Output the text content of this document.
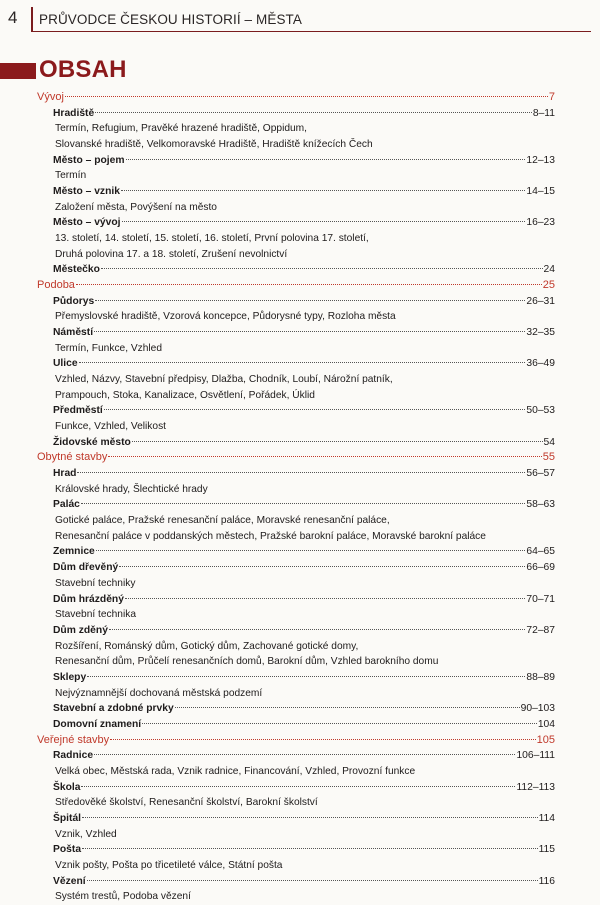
4 PRŮVODCE ČESKOU HISTORIÍ – MĚSTA
OBSAH
Vývoj	7
Hradiště	8–11
Termín, Refugium, Pravěké hrazené hradiště, Oppidum,
Slovanské hradiště, Velkomoravské Hradiště, Hradiště knížecích Čech
Město – pojem	12–13
Termín
Město – vznik	14–15
Založení města, Povýšení na město
Město – vývoj	16–23
13. století, 14. století, 15. století, 16. století, První polovina 17. století,
Druhá polovina 17. a 18. století, Zrušení nevolnictví
Městečko	24
Podoba	25
Půdorys	26–31
Přemyslovské hradiště, Vzorová koncepce, Půdorysné typy, Rozloha města
Náměstí	32–35
Termín, Funkce, Vzhled
Ulice	36–49
Vzhled, Názvy, Stavební předpisy, Dlažba, Chodník, Loubí, Nárožní patník,
Prampouch, Stoka, Kanalizace, Osvětlení, Pořádek, Úklid
Předměstí	50–53
Funkce, Vzhled, Velikost
Židovské město	54
Obytné stavby	55
Hrad	56–57
Královské hrady, Šlechtické hrady
Palác	58–63
Gotické paláce, Pražské renesanční paláce, Moravské renesanční paláce,
Renesanční paláce v poddanských městech, Pražské barokní paláce, Moravské barokní paláce
Zemnice	64–65
Dům dřevěný	66–69
Stavební techniky
Dům hrázděný	70–71
Stavební technika
Dům zděný	72–87
Rozšíření, Románský dům, Gotický dům, Zachované gotické domy,
Renesanční dům, Průčelí renesančních domů, Barokní dům, Vzhled barokního domu
Sklepy	88–89
Nejvýznamnější dochovaná městská podzemí
Stavební a zdobné prvky	90–103
Domovní znamení	104
Veřejné stavby	105
Radnice	106–111
Velká obec, Městská rada, Vznik radnice, Financování, Vzhled, Provozní funkce
Škola	112–113
Středověké školství, Renesanční školství, Barokní školství
Špitál	114
Vznik, Vzhled
Pošta	115
Vznik pošty, Pošta po třicetileté válce, Státní pošta
Vězení	116
Systém trestů, Podoba vězení
